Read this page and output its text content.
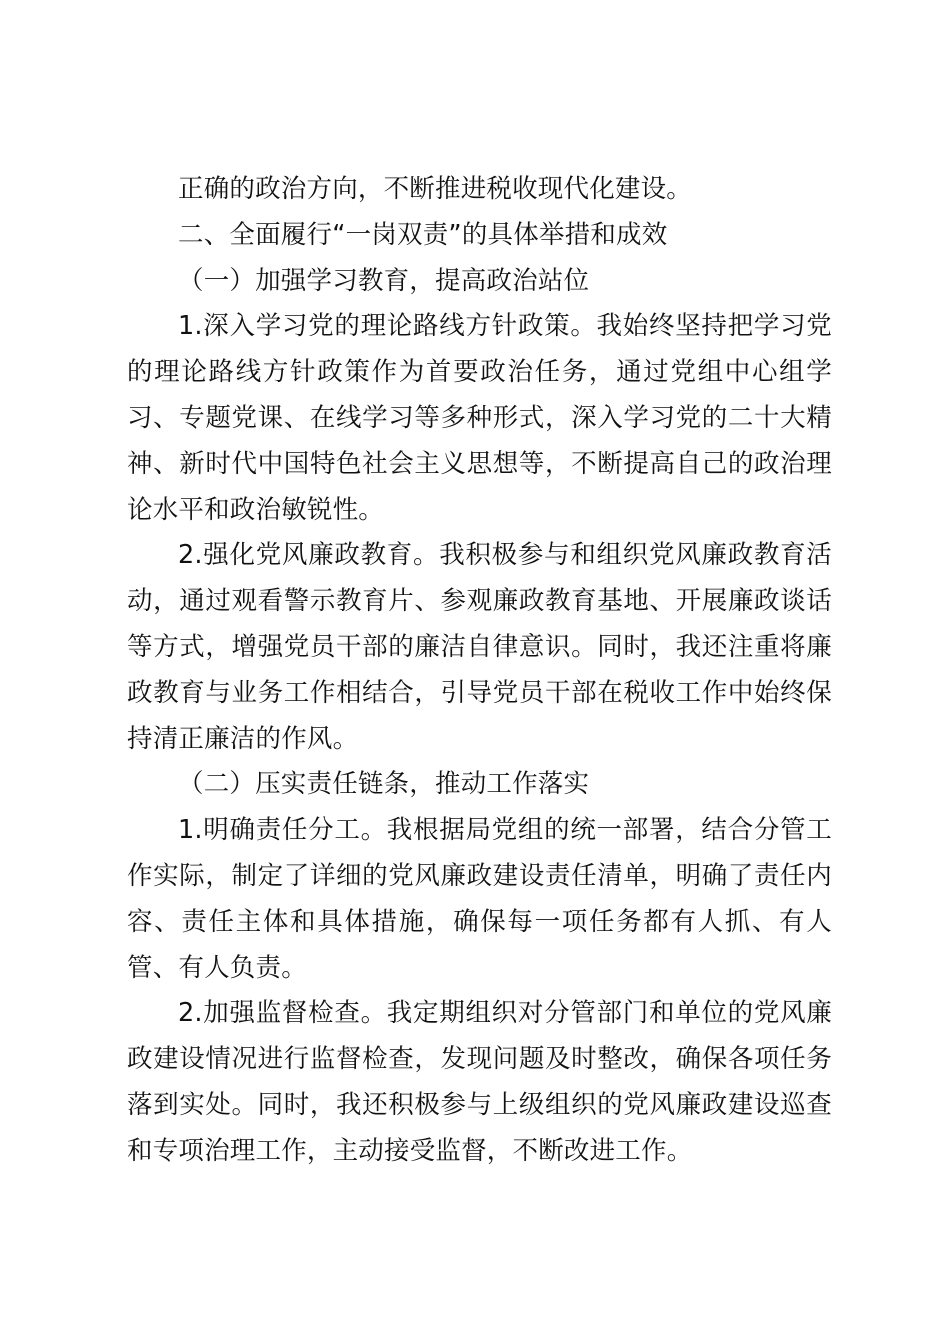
正确的政治方向，不断推进税收现代化建设。

二、全面履行“一岗双责”的具体举措和成效

（一）加强学习教育，提高政治站位

1.深入学习党的理论路线方针政策。我始终坚持把学习党的理论路线方针政策作为首要政治任务，通过党组中心组学习、专题党课、在线学习等多种形式，深入学习党的二十大精神、新时代中国特色社会主义思想等，不断提高自己的政治理论水平和政治敏锐性。

2.强化党风廉政教育。我积极参与和组织党风廉政教育活动，通过观看警示教育片、参观廉政教育基地、开展廉政谈话等方式，增强党员干部的廉洁自律意识。同时，我还注重将廉政教育与业务工作相结合，引导党员干部在税收工作中始终保持清正廉洁的作风。

（二）压实责任链条，推动工作落实

1.明确责任分工。我根据局党组的统一部署，结合分管工作实际，制定了详细的党风廉政建设责任清单，明确了责任内容、责任主体和具体措施，确保每一项任务都有人抓、有人管、有人负责。

2.加强监督检查。我定期组织对分管部门和单位的党风廉政建设情况进行监督检查，发现问题及时整改，确保各项任务落到实处。同时，我还积极参与上级组织的党风廉政建设巡查和专项治理工作，主动接受监督，不断改进工作。
